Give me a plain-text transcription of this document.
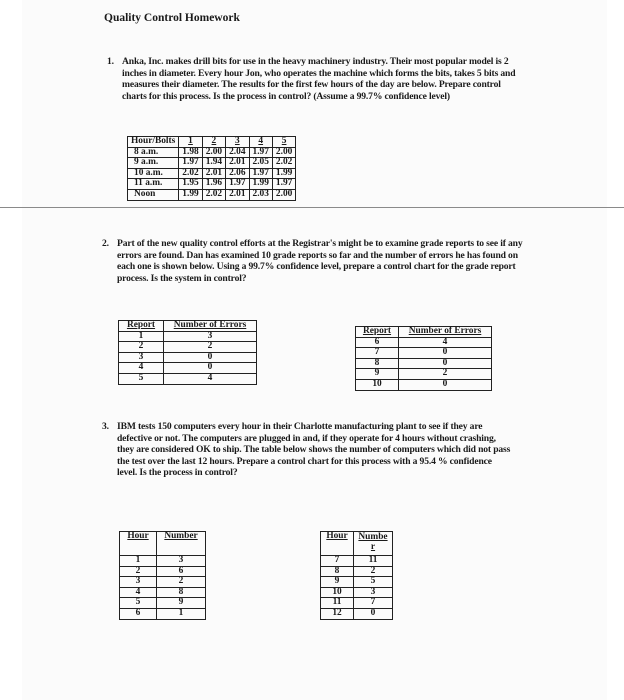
Quality Control Homework
1. Anka, Inc. makes drill bits for use in the heavy machinery industry. Their most popular model is 2 inches in diameter. Every hour Jon, who operates the machine which forms the bits, takes 5 bits and measures their diameter. The results for the first few hours of the day are below. Prepare control charts for this process. Is the process in control? (Assume a 99.7% confidence level)
Hour/Bolts	1	2	3	4	5
8 a.m.	1.98	2.00	2.04	1.97	2.00
9 a.m.	1.97	1.94	2.01	2.05	2.02
10 a.m.	2.02	2.01	2.06	1.97	1.99
11 a.m.	1.95	1.96	1.97	1.99	1.97
Noon	1.99	2.02	2.01	2.03	2.00
2. Part of the new quality control efforts at the Registrar's might be to examine grade reports to see if any errors are found. Dan has examined 10 grade reports so far and the number of errors he has found on each one is shown below. Using a 99.7% confidence level, prepare a control chart for the grade report process. Is the system in control?
Report	Number of Errors
1	3
2	2
3	0
4	0
5	4
Report	Number of Errors
6	4
7	0
8	0
9	2
10	0
3. IBM tests 150 computers every hour in their Charlotte manufacturing plant to see if they are defective or not. The computers are plugged in and, if they operate for 4 hours without crashing, they are considered OK to ship. The table below shows the number of computers which did not pass the test over the last 12 hours. Prepare a control chart for this process with a 95.4 % confidence level. Is the process in control?
Hour	Number
1	3
2	6
3	2
4	8
5	9
6	1
Hour	Numbe r
7	11
8	2
9	5
10	3
11	7
12	0
